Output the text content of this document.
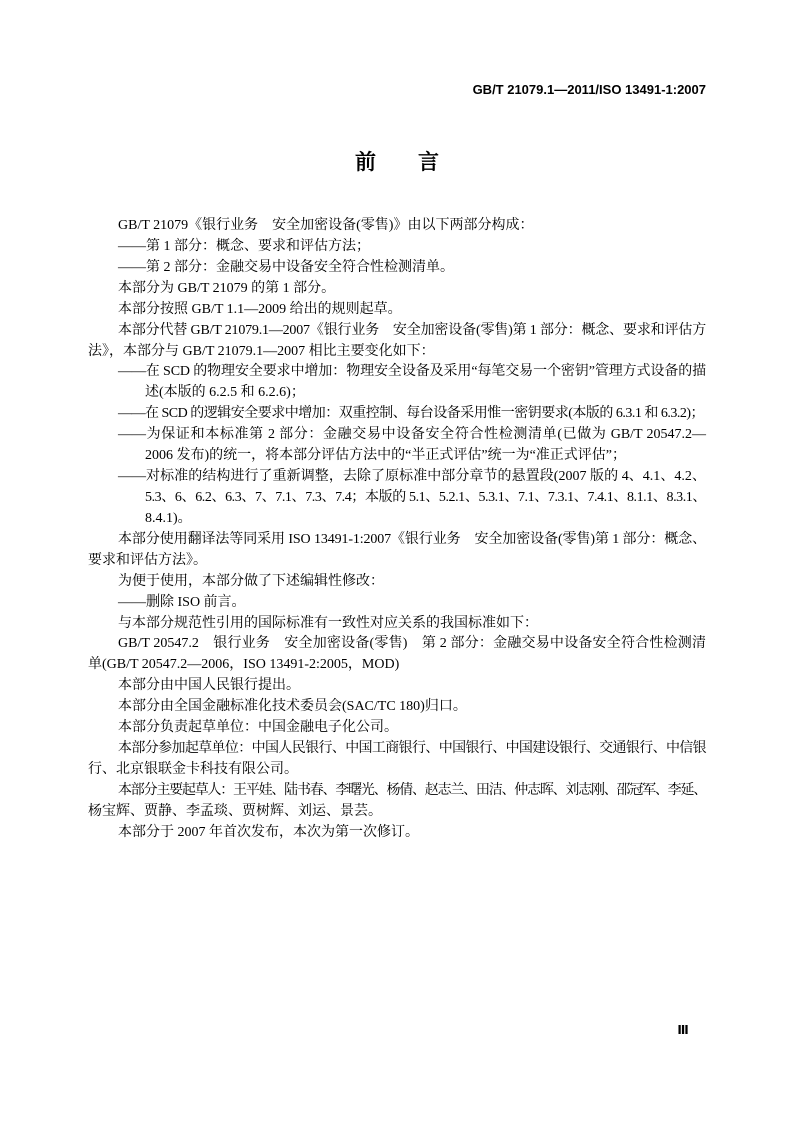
GB/T 21079.1—2011/ISO 13491-1:2007
前　　言
GB/T 21079《银行业务　安全加密设备(零售)》由以下两部分构成：
——第 1 部分：概念、要求和评估方法；
——第 2 部分：金融交易中设备安全符合性检测清单。
本部分为 GB/T 21079 的第 1 部分。
本部分按照 GB/T 1.1—2009 给出的规则起草。
本部分代替 GB/T 21079.1—2007《银行业务　安全加密设备(零售)第 1 部分：概念、要求和评估方
法》，本部分与 GB/T 21079.1—2007 相比主要变化如下：
——在 SCD 的物理安全要求中增加：物理安全设备及采用“每笔交易一个密钥”管理方式设备的描
述(本版的 6.2.5 和 6.2.6)；
——在 SCD 的逻辑安全要求中增加：双重控制、每台设备采用惟一密钥要求(本版的 6.3.1 和 6.3.2)；
——为保证和本标准第 2 部分：金融交易中设备安全符合性检测清单(已做为 GB/T 20547.2—
2006 发布)的统一，将本部分评估方法中的“半正式评估”统一为“准正式评估”；
——对标准的结构进行了重新调整，去除了原标准中部分章节的悬置段(2007 版的 4、4.1、4.2、
5.3、6、6.2、6.3、7、7.1、7.3、7.4；本版的 5.1、5.2.1、5.3.1、7.1、7.3.1、7.4.1、8.1.1、8.3.1、
8.4.1)。
本部分使用翻译法等同采用 ISO 13491-1:2007《银行业务　安全加密设备(零售)第 1 部分：概念、
要求和评估方法》。
为便于使用，本部分做了下述编辑性修改：
——删除 ISO 前言。
与本部分规范性引用的国际标准有一致性对应关系的我国标准如下：
GB/T 20547.2　银行业务　安全加密设备(零售)　第 2 部分：金融交易中设备安全符合性检测清
单(GB/T 20547.2—2006，ISO 13491-2:2005，MOD)
本部分由中国人民银行提出。
本部分由全国金融标准化技术委员会(SAC/TC 180)归口。
本部分负责起草单位：中国金融电子化公司。
本部分参加起草单位：中国人民银行、中国工商银行、中国银行、中国建设银行、交通银行、中信银
行、北京银联金卡科技有限公司。
本部分主要起草人：王平娃、陆书春、李曙光、杨倩、赵志兰、田洁、仲志晖、刘志刚、邵冠军、李延、
杨宝辉、贾静、李孟琰、贾树辉、刘运、景芸。
本部分于 2007 年首次发布，本次为第一次修订。
Ⅲ
